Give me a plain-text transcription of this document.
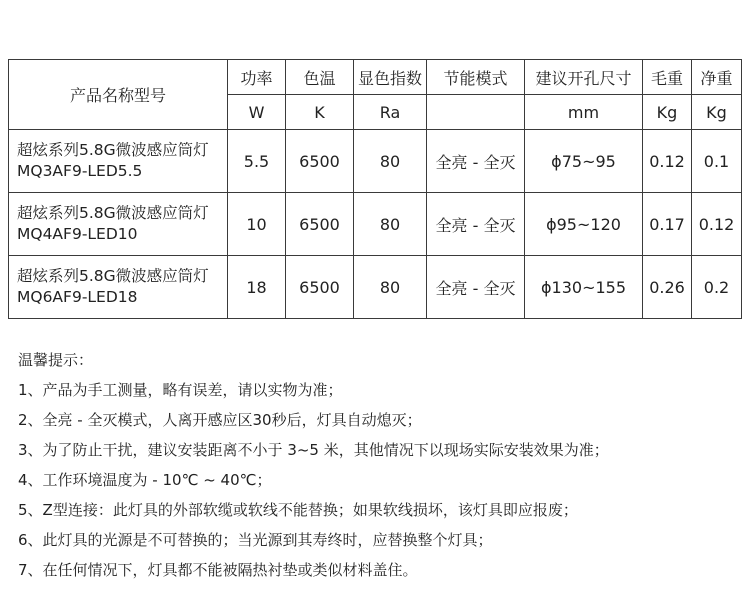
产品名称型号	功率	色温	显色指数	节能模式	建议开孔尺寸	毛重	净重
	W	K	Ra		mm	Kg	Kg

超炫系列5.8G微波感应筒灯
MQ3AF9-LED5.5	5.5	6500	80	全亮 - 全灭	ϕ75~95	0.12	0.1

超炫系列5.8G微波感应筒灯
MQ4AF9-LED10	10	6500	80	全亮 - 全灭	ϕ95~120	0.17	0.12

超炫系列5.8G微波感应筒灯
MQ6AF9-LED18	18	6500	80	全亮 - 全灭	ϕ130~155	0.26	0.2
温馨提示：
1、产品为手工测量，略有误差，请以实物为准；
2、全亮 - 全灭模式，人离开感应区30秒后，灯具自动熄灭；
3、为了防止干扰，建议安装距离不小于 3~5 米，其他情况下以现场实际安装效果为准；
4、工作环境温度为 - 10℃ ~ 40℃；
5、Z型连接：此灯具的外部软缆或软线不能替换；如果软线损坏，该灯具即应报废；
6、此灯具的光源是不可替换的；当光源到其寿终时，应替换整个灯具；
7、在任何情况下，灯具都不能被隔热衬垫或类似材料盖住。
